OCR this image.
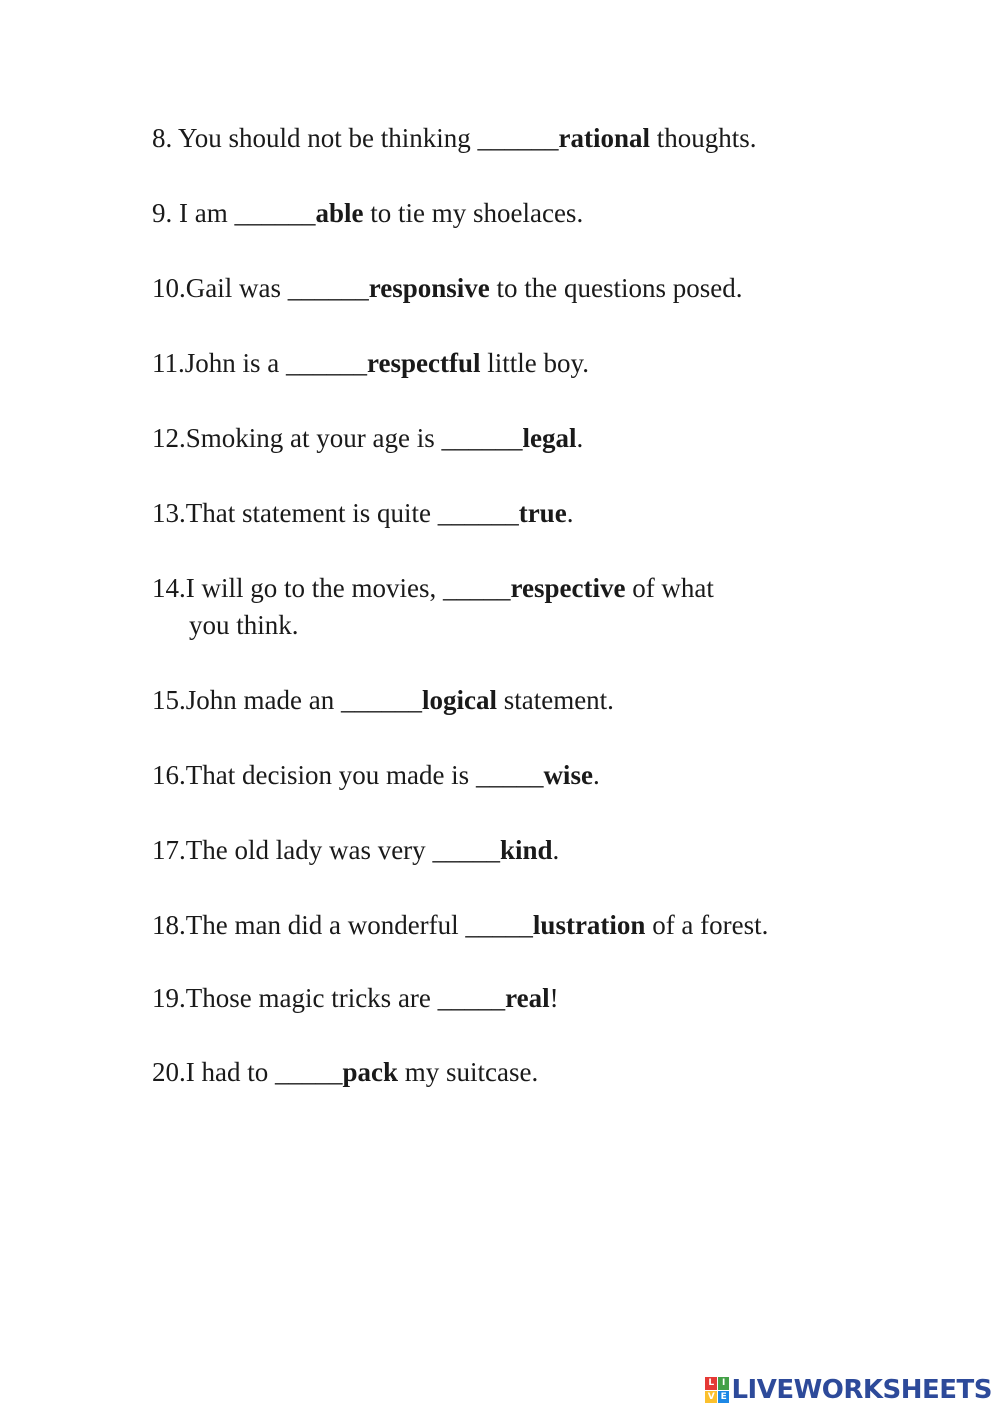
8. You should not be thinking ______rational thoughts.
9. I am ______able to tie my shoelaces.
10.Gail was ______responsive to the questions posed.
11.John is a ______respectful little boy.
12.Smoking at your age is ______legal.
13.That statement is quite ______true.
14.I will go to the movies, _____respective of what
you think.
15.John made an ______logical statement.
16.That decision you made is _____wise.
17.The old lady was very _____kind.
18.The man did a wonderful _____lustration of a forest.
19.Those magic tricks are _____real!
20.I had to _____pack my suitcase.
L I
V E LIVEWORKSHEETS
